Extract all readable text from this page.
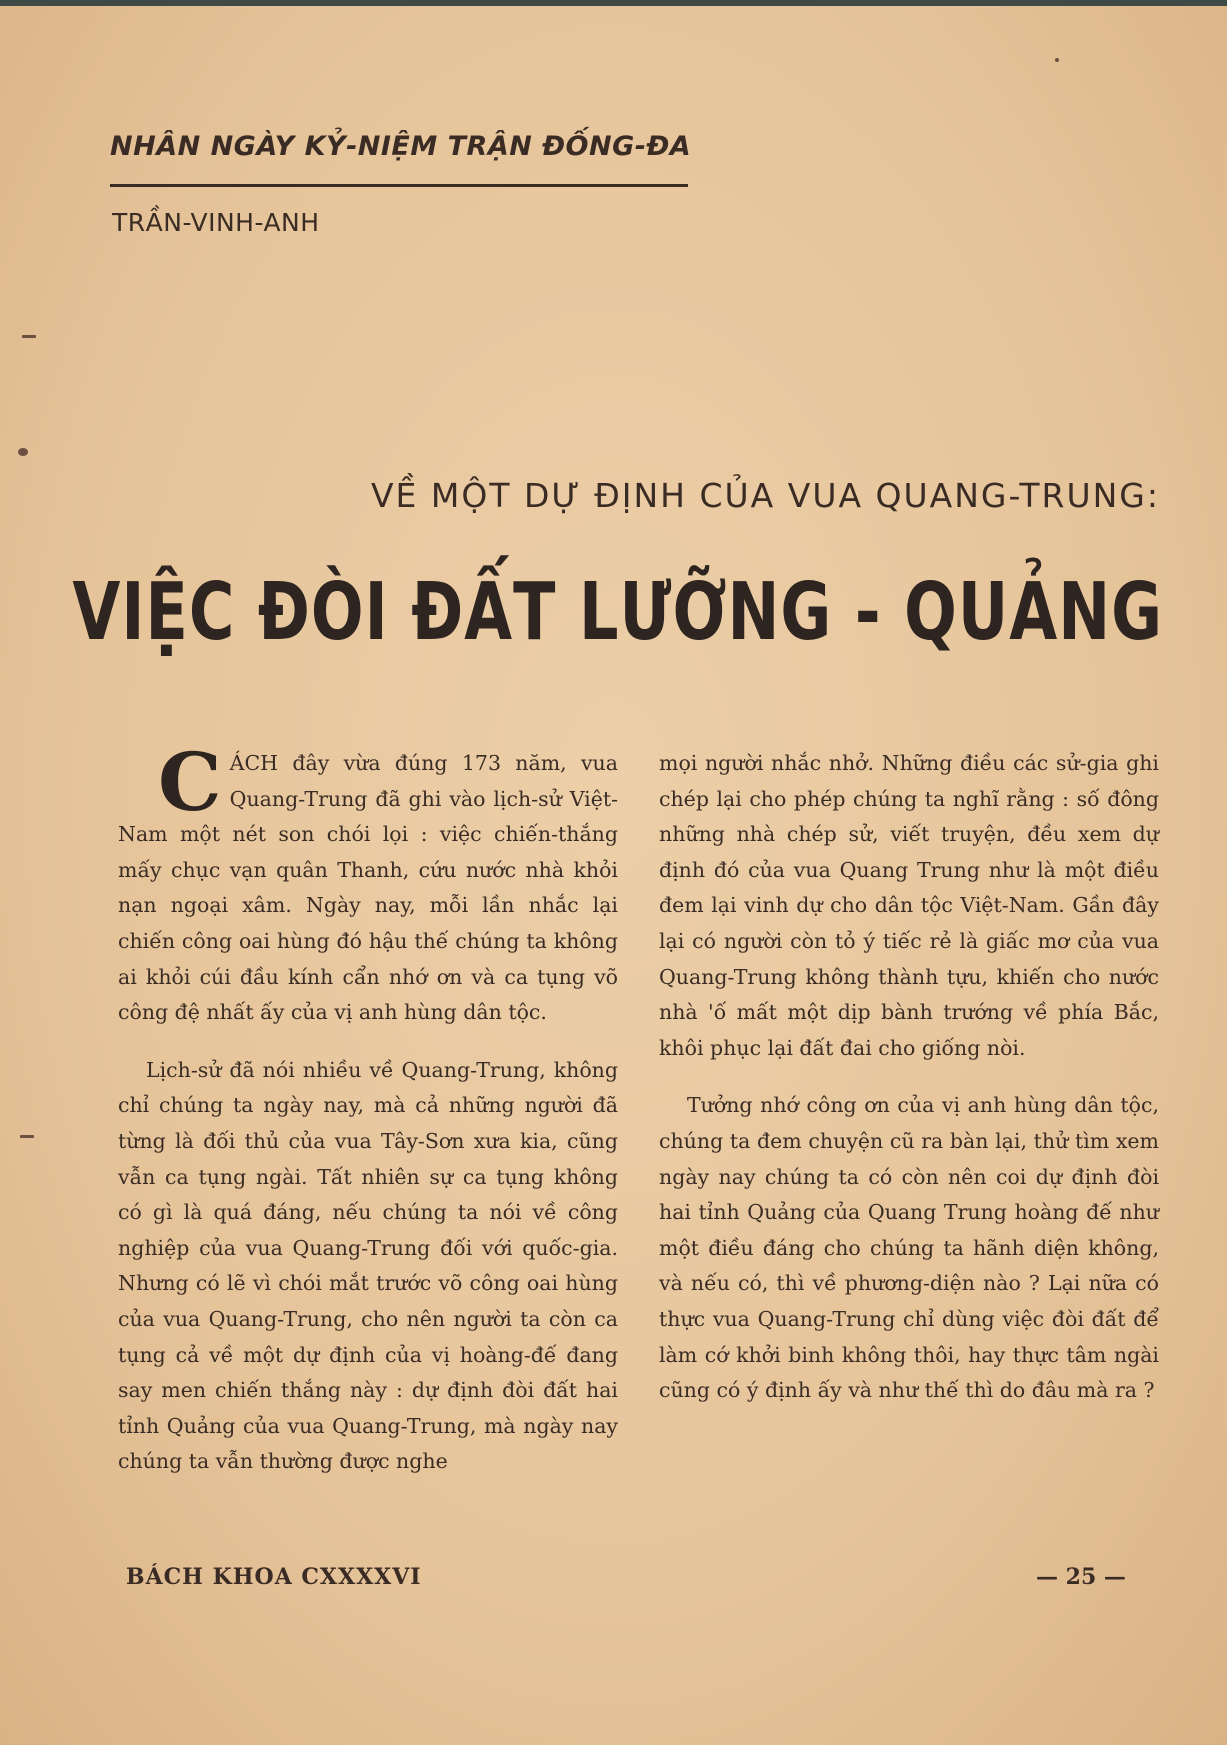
NHÂN NGÀY KỶ-NIỆM TRẬN ĐỐNG-ĐA
TRẦN-VINH-ANH
VỀ MỘT DỰ ĐỊNH CỦA VUA QUANG-TRUNG:
VIỆC ĐÒI ĐẤT LƯỠNG - QUẢNG

CÁCH đây vừa đúng 173 năm, vua Quang-Trung đã ghi vào lịch-sử Việt-Nam một nét son chói lọi : việc chiến-thắng mấy chục vạn quân Thanh, cứu nước nhà khỏi nạn ngoại xâm. Ngày nay, mỗi lần nhắc lại chiến công oai hùng đó hậu thế chúng ta không ai khỏi cúi đầu kính cẩn nhớ ơn và ca tụng võ công đệ nhất ấy của vị anh hùng dân tộc.

Lịch-sử đã nói nhiều về Quang-Trung, không chỉ chúng ta ngày nay, mà cả những người đã từng là đối thủ của vua Tây-Sơn xưa kia, cũng vẫn ca tụng ngài. Tất nhiên sự ca tụng không có gì là quá đáng, nếu chúng ta nói về công nghiệp của vua Quang-Trung đối với quốc-gia. Nhưng có lẽ vì chói mắt trước võ công oai hùng của vua Quang-Trung, cho nên người ta còn ca tụng cả về một dự định của vị hoàng-đế đang say men chiến thắng này : dự định đòi đất hai tỉnh Quảng của vua Quang-Trung, mà ngày nay chúng ta vẫn thường được nghe

mọi người nhắc nhở. Những điều các sử-gia ghi chép lại cho phép chúng ta nghĩ rằng : số đông những nhà chép sử, viết truyện, đều xem dự định đó của vua Quang Trung như là một điều đem lại vinh dự cho dân tộc Việt-Nam. Gần đây lại có người còn tỏ ý tiếc rẻ là giấc mơ của vua Quang-Trung không thành tựu, khiến cho nước nhà 'ố mất một dịp bành trướng về phía Bắc, khôi phục lại đất đai cho giống nòi.

Tưởng nhớ công ơn của vị anh hùng dân tộc, chúng ta đem chuyện cũ ra bàn lại, thử tìm xem ngày nay chúng ta có còn nên coi dự định đòi hai tỉnh Quảng của Quang Trung hoàng đế như một điều đáng cho chúng ta hãnh diện không, và nếu có, thì về phương-diện nào ? Lại nữa có thực vua Quang-Trung chỉ dùng việc đòi đất để làm cớ khởi binh không thôi, hay thực tâm ngài cũng có ý định ấy và như thế thì do đâu mà ra ?

BÁCH KHOA CXXXXVI	— 25 —
